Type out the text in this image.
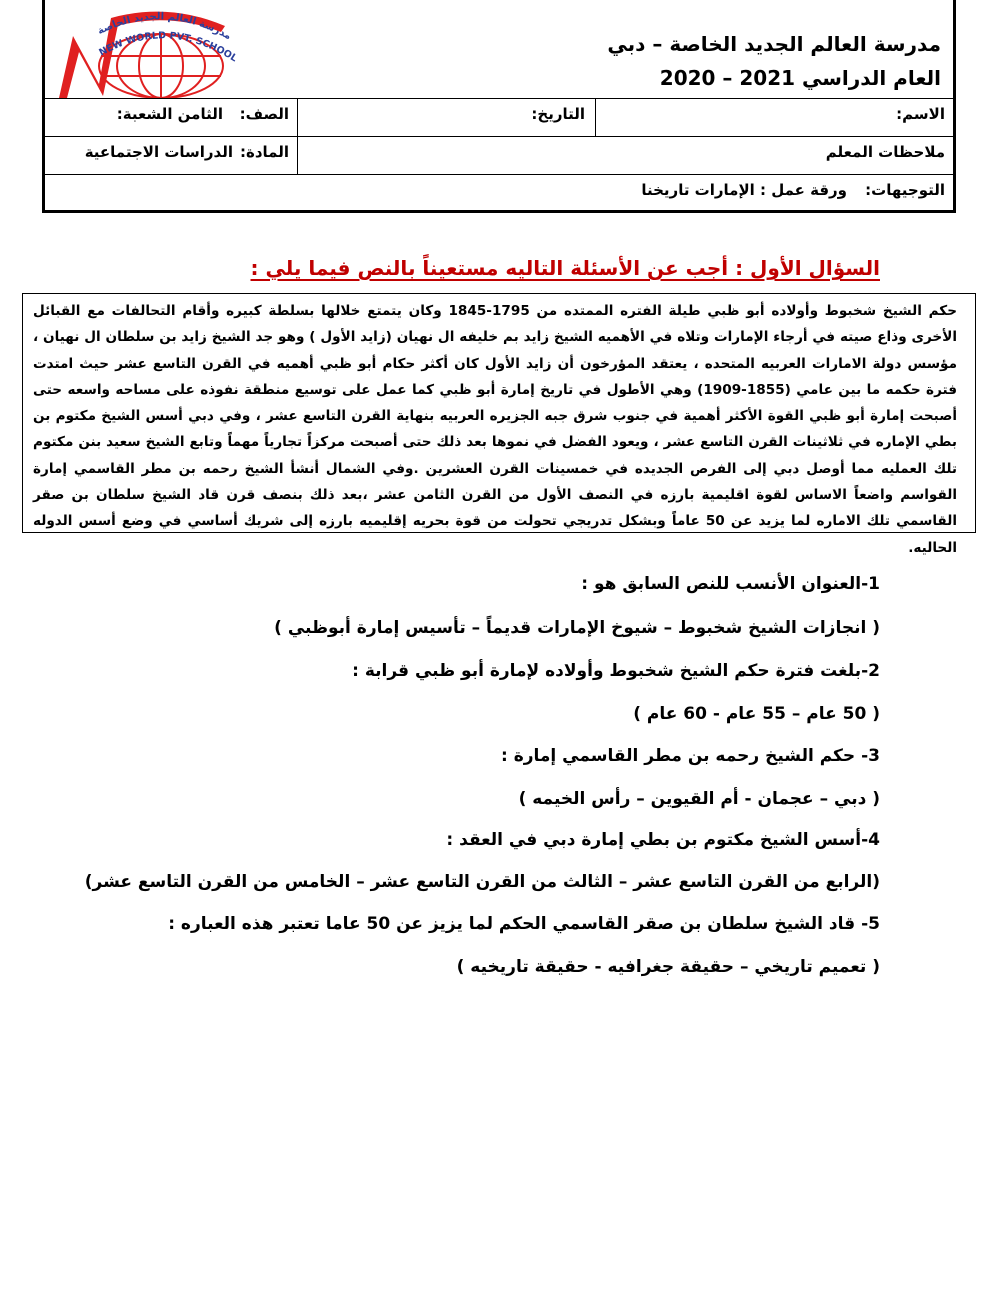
مدرسة العالم الجديد الخاصة – دبي
العام الدراسي 2021 – 2020
مدرسة العالم الجديد الخاصة
NEW WORLD PVT. SCHOOL
الاسم:
التاريخ:
الصف:
الثامن الشعبة:
ملاحظات المعلم
المادة:
الدراسات الاجتماعية
التوجيهات:
ورقة عمل : الإمارات تاريخنا
السؤال الأول : أجب عن الأسئلة التاليه مستعيناً بالنص فيما يلي :
حكم الشيخ شخبوط وأولاده أبو ظبي طيلة الفتره الممتده من 1795-1845 وكان يتمتع خلالها بسلطة كبيره وأقام التحالفات مع القبائل الأخرى وذاع صيته في أرجاء الإمارات وتلاه في الأهميه الشيخ زايد بم خليفه ال نهيان (زايد الأول ) وهو جد الشيخ زايد بن سلطان ال نهيان ، مؤسس دولة الامارات العربيه المتحده ، يعتقد المؤرخون أن زايد الأول كان أكثر حكام أبو ظبي أهميه في القرن التاسع عشر حيث امتدت فترة حكمه ما بين عامي (1855-1909) وهي الأطول في تاريخ إمارة أبو ظبي كما عمل على توسيع منطقة نفوذه على مساحه واسعه حتى أصبحت إمارة أبو ظبي القوة الأكثر أهمية في جنوب شرق جبه الجزيره العربيه بنهاية القرن التاسع عشر ، وفي دبي أسس الشيخ مكتوم بن بطي الإماره في ثلاثينات القرن التاسع عشر ، ويعود الفضل في نموها بعد ذلك حتى أصبحت مركزاً تجارياً مهماً وتابع الشيخ سعيد بنن مكتوم تلك العمليه مما أوصل دبي إلى الفرص الجديده في خمسينات القرن العشرين .وفي الشمال أنشأ الشيخ رحمه بن مطر القاسمي إمارة القواسم واضعاً الاساس لقوة اقليمية بارزه في النصف الأول من القرن الثامن عشر ،بعد ذلك بنصف قرن قاد الشيخ سلطان بن صقر القاسمي تلك الاماره لما يزيد عن 50 عاماً وبشكل تدريجي تحولت من قوة بحريه إقليميه بارزه إلى شريك أساسي في وضع أسس الدوله الحاليه.
1-العنوان الأنسب للنص السابق هو :
( انجازات الشيخ شخبوط – شيوخ الإمارات قديماً – تأسيس إمارة أبوظبي )
2-بلغت فترة حكم الشيخ شخبوط وأولاده لإمارة أبو ظبي قرابة :
( 50 عام – 55 عام - 60 عام )
3- حكم الشيخ رحمه بن مطر القاسمي إمارة :
( دبي – عجمان - أم القيوين – رأس الخيمه )
4-أسس الشيخ مكتوم بن بطي إمارة دبي في العقد :
(الرابع من القرن التاسع عشر – الثالث من القرن التاسع عشر – الخامس من القرن التاسع عشر)
5- قاد الشيخ سلطان بن صقر القاسمي الحكم لما يزيز عن 50 عاما تعتبر هذه العباره :
( تعميم تاريخي – حقيقة جغرافيه - حقيقة تاريخيه )
